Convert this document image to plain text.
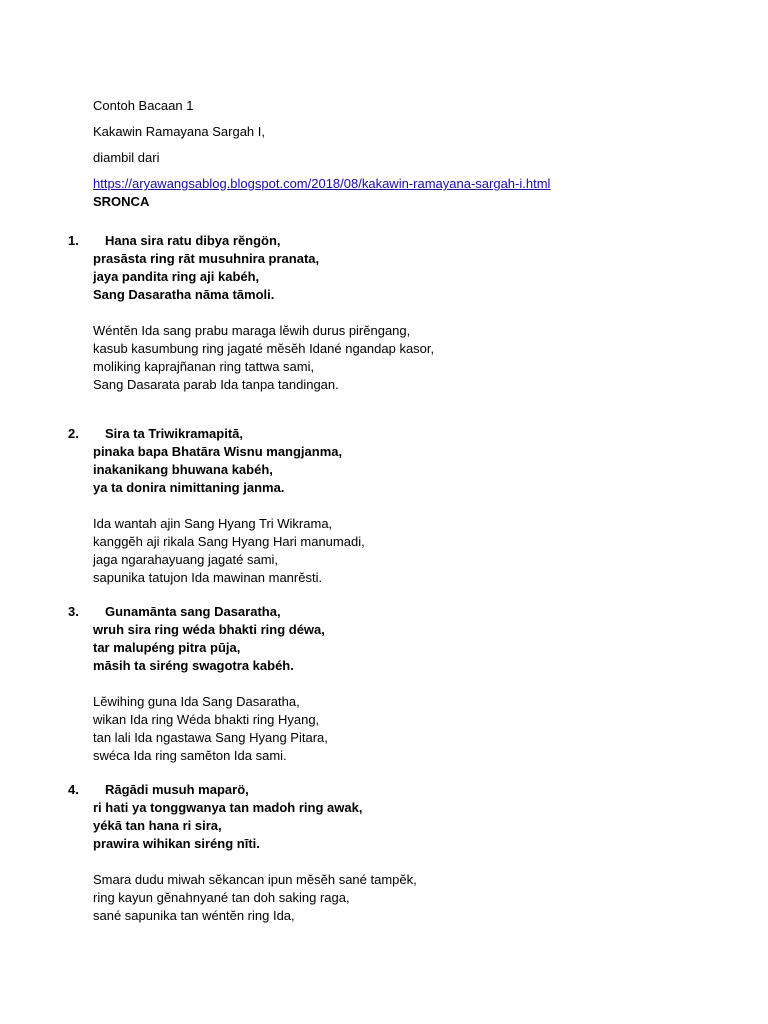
Contoh Bacaan 1

Kakawin Ramayana Sargah I,

diambil dari

https://aryawangsablog.blogspot.com/2018/08/kakawin-ramayana-sargah-i.html
SRONCA
1. Hana sira ratu dibya rĕngön,
prasāsta ring rāt musuhnira pranata,
jaya pandita ring aji kabéh,
Sang Dasaratha nāma tāmoli.
Wéntĕn Ida sang prabu maraga lĕwih durus pirĕngang,
kasub kasumbung ring jagaté mĕsĕh Idané ngandap kasor,
moliking kaprajñanan ring tattwa sami,
Sang Dasarata parab Ida tanpa tandingan.
2. Sira ta Triwikramapitā,
pinaka bapa Bhatāra Wisnu mangjanma,
inakanikang bhuwana kabéh,
ya ta donira nimittaning janma.
Ida wantah ajin Sang Hyang Tri Wikrama,
kanggĕh aji rikala Sang Hyang Hari manumadi,
jaga ngarahayuang jagaté sami,
sapunika tatujon Ida mawinan manrĕsti.
3. Gunamānta sang Dasaratha,
wruh sira ring wéda bhakti ring déwa,
tar malupéng pitra pūja,
māsih ta siréng swagotra kabéh.
Lĕwihing guna Ida Sang Dasaratha,
wikan Ida ring Wéda bhakti ring Hyang,
tan lali Ida ngastawa Sang Hyang Pitara,
swéca Ida ring samĕton Ida sami.
4. Rāgādi musuh maparö,
ri hati ya tonggwanya tan madoh ring awak,
yékā tan hana ri sira,
prawira wihikan siréng nīti.
Smara dudu miwah sĕkancan ipun mĕsĕh sané tampĕk,
ring kayun gĕnahnyané tan doh saking raga,
sané sapunika tan wéntĕn ring Ida,
